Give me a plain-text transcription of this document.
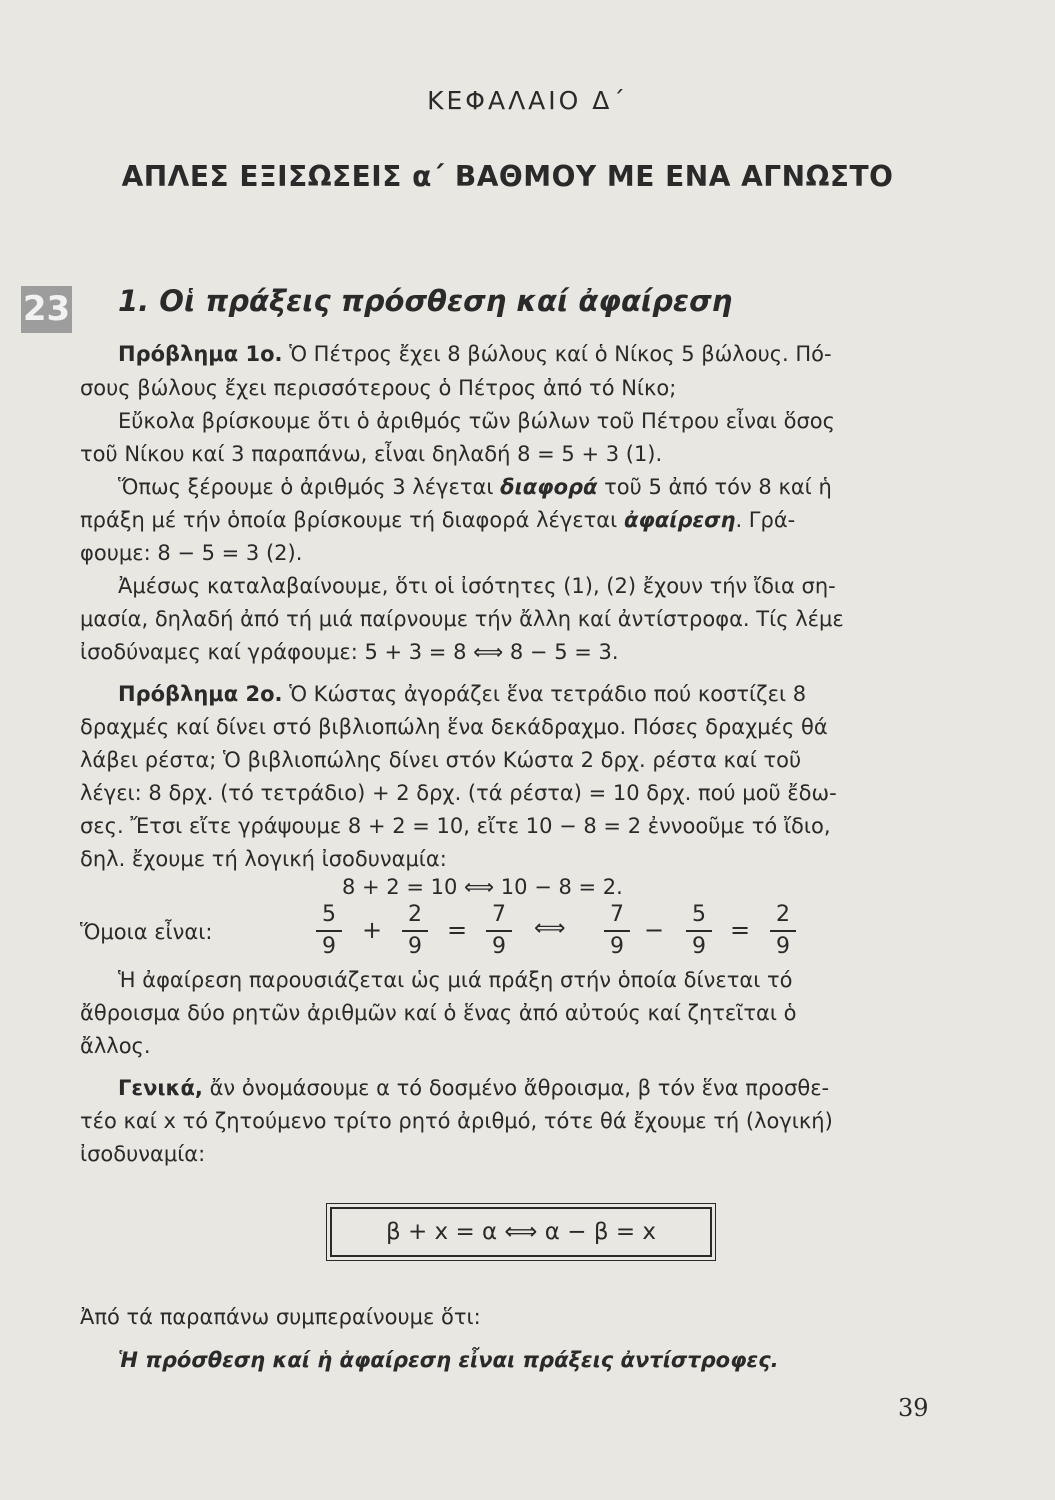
ΚΕΦΑΛΑΙΟ Δ΄
ΑΠΛΕΣ ΕΞΙΣΩΣΕΙΣ α΄ ΒΑΘΜΟΥ ΜΕ ΕΝΑ ΑΓΝΩΣΤΟ
23 1. Οἱ πράξεις πρόσθεση καί ἀφαίρεση
Πρόβλημα 1ο. Ὁ Πέτρος ἔχει 8 βώλους καί ὁ Νίκος 5 βώλους. Πό-
σους βώλους ἔχει περισσότερους ὁ Πέτρος ἀπό τό Νίκο;
Εὔκολα βρίσκουμε ὅτι ὁ ἀριθμός τῶν βώλων τοῦ Πέτρου εἶναι ὅσος
τοῦ Νίκου καί 3 παραπάνω, εἶναι δηλαδή 8 = 5 + 3 (1).
Ὅπως ξέρουμε ὁ ἀριθμός 3 λέγεται διαφορά τοῦ 5 ἀπό τόν 8 καί ἡ
πράξη μέ τήν ὁποία βρίσκουμε τή διαφορά λέγεται ἀφαίρεση. Γρά-
φουμε: 8 − 5 = 3 (2).
Ἀμέσως καταλαβαίνουμε, ὅτι οἱ ἰσότητες (1), (2) ἔχουν τήν ἴδια ση-
μασία, δηλαδή ἀπό τή μιά παίρνουμε τήν ἄλλη καί ἀντίστροφα. Τίς λέμε
ἰσοδύναμες καί γράφουμε: 5 + 3 = 8 ⟺ 8 − 5 = 3.
Πρόβλημα 2ο. Ὁ Κώστας ἀγοράζει ἕνα τετράδιο πού κοστίζει 8
δραχμές καί δίνει στό βιβλιοπώλη ἕνα δεκάδραχμο. Πόσες δραχμές θά
λάβει ρέστα; Ὁ βιβλιοπώλης δίνει στόν Κώστα 2 δρχ. ρέστα καί τοῦ
λέγει: 8 δρχ. (τό τετράδιο) + 2 δρχ. (τά ρέστα) = 10 δρχ. πού μοῦ ἔδω-
σες. Ἔτσι εἴτε γράψουμε 8 + 2 = 10, εἴτε 10 − 8 = 2 ἐννοοῦμε τό ἴδιο,
δηλ. ἔχουμε τή λογική ἰσοδυναμία:
8 + 2 = 10 ⟺ 10 − 8 = 2.
Ὅμοια εἶναι:
5
9
+
2
9
=
7
9
⟺
7
9
−
5
9
=
2
9
Ἡ ἀφαίρεση παρουσιάζεται ὡς μιά πράξη στήν ὁποία δίνεται τό
ἄθροισμα δύο ρητῶν ἀριθμῶν καί ὁ ἕνας ἀπό αὐτούς καί ζητεῖται ὁ
ἄλλος.
Γενικά, ἄν ὀνομάσουμε α τό δοσμένο ἄθροισμα, β τόν ἕνα προσθε-
τέο καί x τό ζητούμενο τρίτο ρητό ἀριθμό, τότε θά ἔχουμε τή (λογική)
ἰσοδυναμία:
β + x = α ⟺ α − β = x
Ἀπό τά παραπάνω συμπεραίνουμε ὅτι:
Ἡ πρόσθεση καί ἡ ἀφαίρεση εἶναι πράξεις ἀντίστροφες.
39
